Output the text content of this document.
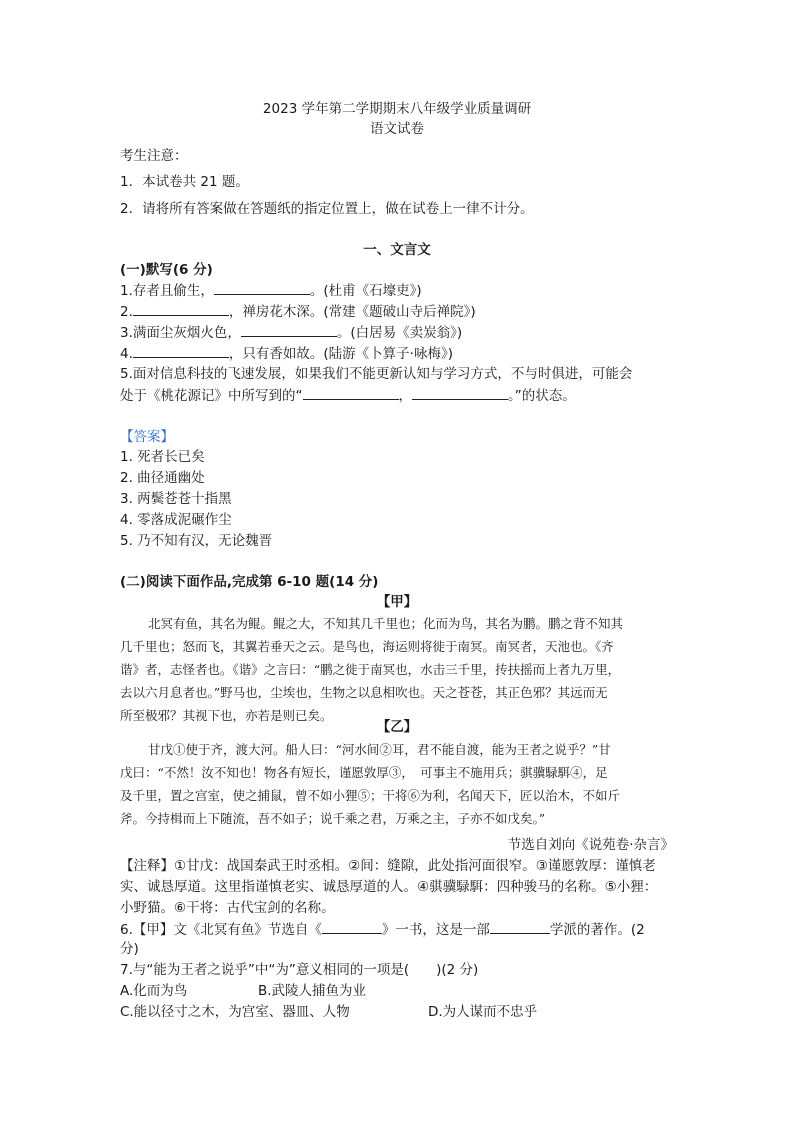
2023 学年第二学期期末八年级学业质量调研
语文试卷
考生注意：
1．本试卷共 21 题。
2．请将所有答案做在答题纸的指定位置上，做在试卷上一律不计分。
一、文言文
(一)默写(6 分)
1.存者且偷生，	。(杜甫《石壕吏》)
2.	，禅房花木深。(常建《题破山寺后禅院》)
3.满面尘灰烟火色，	。(白居易《卖炭翁》)
4.	，只有香如故。(陆游《卜算子·咏梅》)
5.面对信息科技的飞速发展，如果我们不能更新认知与学习方式，不与时俱进，可能会
处于《桃花源记》中所写到的“	，	。”的状态。
【答案】
1. 死者长已矣
2. 曲径通幽处
3. 两鬓苍苍十指黑
4. 零落成泥碾作尘
5. 乃不知有汉，无论魏晋
(二)阅读下面作品,完成第 6-10 题(14 分)
【甲】
北冥有鱼，其名为鲲。鲲之大，不知其几千里也；化而为鸟，其名为鹏。鹏之背不知其
几千里也；怒而飞，其翼若垂天之云。是鸟也，海运则将徙于南冥。南冥者，天池也。《齐
谐》者，志怪者也。《谐》之言曰：“鹏之徙于南冥也，水击三千里，抟扶摇而上者九万里，
去以六月息者也。”野马也，尘埃也，生物之以息相吹也。天之苍苍，其正色邪？其远而无
所至极邪？其视下也，亦若是则已矣。
【乙】
甘戊①使于齐，渡大河。船人曰：“河水间②耳，君不能自渡，能为王者之说乎？”甘
戊曰：“不然！汝不知也！物各有短长，谨愿敦厚③，　可事主不施用兵；骐骥騄駬④，足
及千里，置之宫室，使之捕鼠，曾不如小狸⑤；干将⑥为利，名闻天下，匠以治木，不如斤
斧。今持楫而上下随流，吾不如子；说千乘之君，万乘之主，子亦不如戊矣。”
节选自刘向《说苑卷·杂言》
【注释】①甘戊：战国秦武王时丞相。②间：缝隙，此处指河面很窄。③谨愿敦厚：谨慎老
实、诚恳厚道。这里指谨慎老实、诚恳厚道的人。④骐骥騄駬：四种骏马的名称。⑤小狸：
小野猫。⑥干将：古代宝剑的名称。
6.【甲】文《北冥有鱼》节选自《	》一书，这是一部	学派的著作。(2
分)
7.与“能为王者之说乎”中“为”意义相同的一项是(　　)(2 分)
A.化而为鸟	B.武陵人捕鱼为业
C.能以径寸之木，为宫室、器皿、人物	D.为人谋而不忠乎
